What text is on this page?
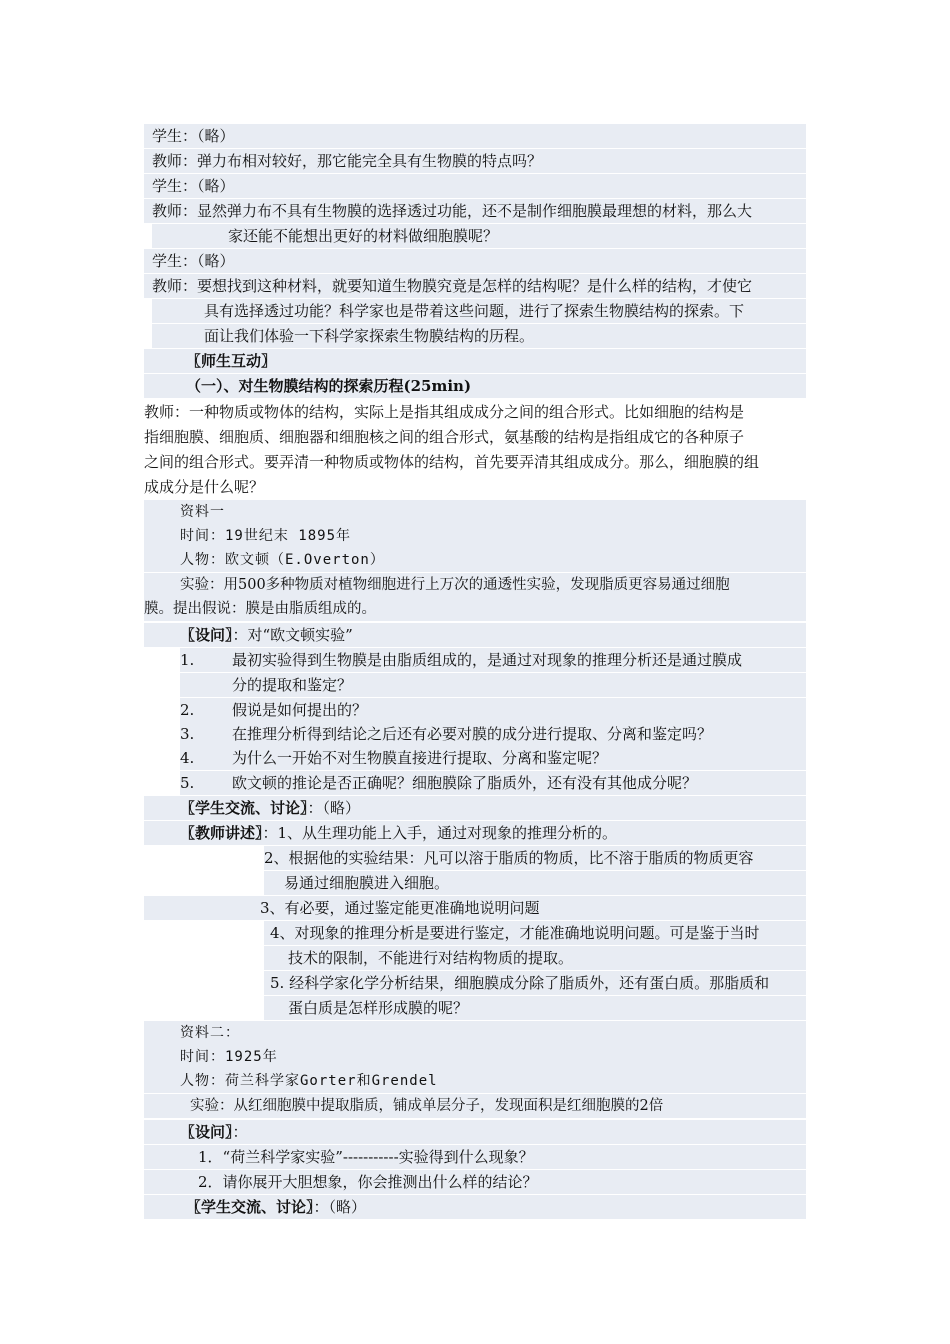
学生：（略）
教师：弹力布相对较好，那它能完全具有生物膜的特点吗？
学生：（略）
教师：显然弹力布不具有生物膜的选择透过功能，还不是制作细胞膜最理想的材料，那么大
家还能不能想出更好的材料做细胞膜呢？
学生：（略）
教师：要想找到这种材料，就要知道生物膜究竟是怎样的结构呢？是什么样的结构，才使它
具有选择透过功能？科学家也是带着这些问题，进行了探索生物膜结构的探索。下
面让我们体验一下科学家探索生物膜结构的历程。
〖师生互动〗
（一）、对生物膜结构的探索历程(25min)
教师：一种物质或物体的结构，实际上是指其组成成分之间的组合形式。比如细胞的结构是
指细胞膜、细胞质、细胞器和细胞核之间的组合形式，氨基酸的结构是指组成它的各种原子
之间的组合形式。要弄清一种物质或物体的结构，首先要弄清其组成成分。那么，细胞膜的组
成成分是什么呢？
资料一
时间：19世纪末 1895年
人物：欧文顿（E.Overton）
实验：用500多种物质对植物细胞进行上万次的通透性实验，发现脂质更容易通过细胞
膜。提出假说：膜是由脂质组成的。
〖设问〗：对“欧文顿实验”
1.	最初实验得到生物膜是由脂质组成的，是通过对现象的推理分析还是通过膜成
分的提取和鉴定？
2.	假说是如何提出的？
3.	在推理分析得到结论之后还有必要对膜的成分进行提取、分离和鉴定吗？
4.	为什么一开始不对生物膜直接进行提取、分离和鉴定呢？
5.	欧文顿的推论是否正确呢？细胞膜除了脂质外，还有没有其他成分呢？
〖学生交流、讨论〗：（略）
〖教师讲述〗：1、从生理功能上入手，通过对现象的推理分析的。
2、根据他的实验结果：凡可以溶于脂质的物质，比不溶于脂质的物质更容
易通过细胞膜进入细胞。
3、有必要，通过鉴定能更准确地说明问题
4、对现象的推理分析是要进行鉴定，才能准确地说明问题。可是鉴于当时
技术的限制，不能进行对结构物质的提取。
5. 经科学家化学分析结果，细胞膜成分除了脂质外，还有蛋白质。那脂质和
蛋白质是怎样形成膜的呢？
资料二：
时间：1925年
人物：荷兰科学家Gorter和Grendel
实验：从红细胞膜中提取脂质，铺成单层分子，发现面积是红细胞膜的2倍
〖设问〗：
1．“荷兰科学家实验”-----------实验得到什么现象？
2．请你展开大胆想象，你会推测出什么样的结论？
〖学生交流、讨论〗：（略）
